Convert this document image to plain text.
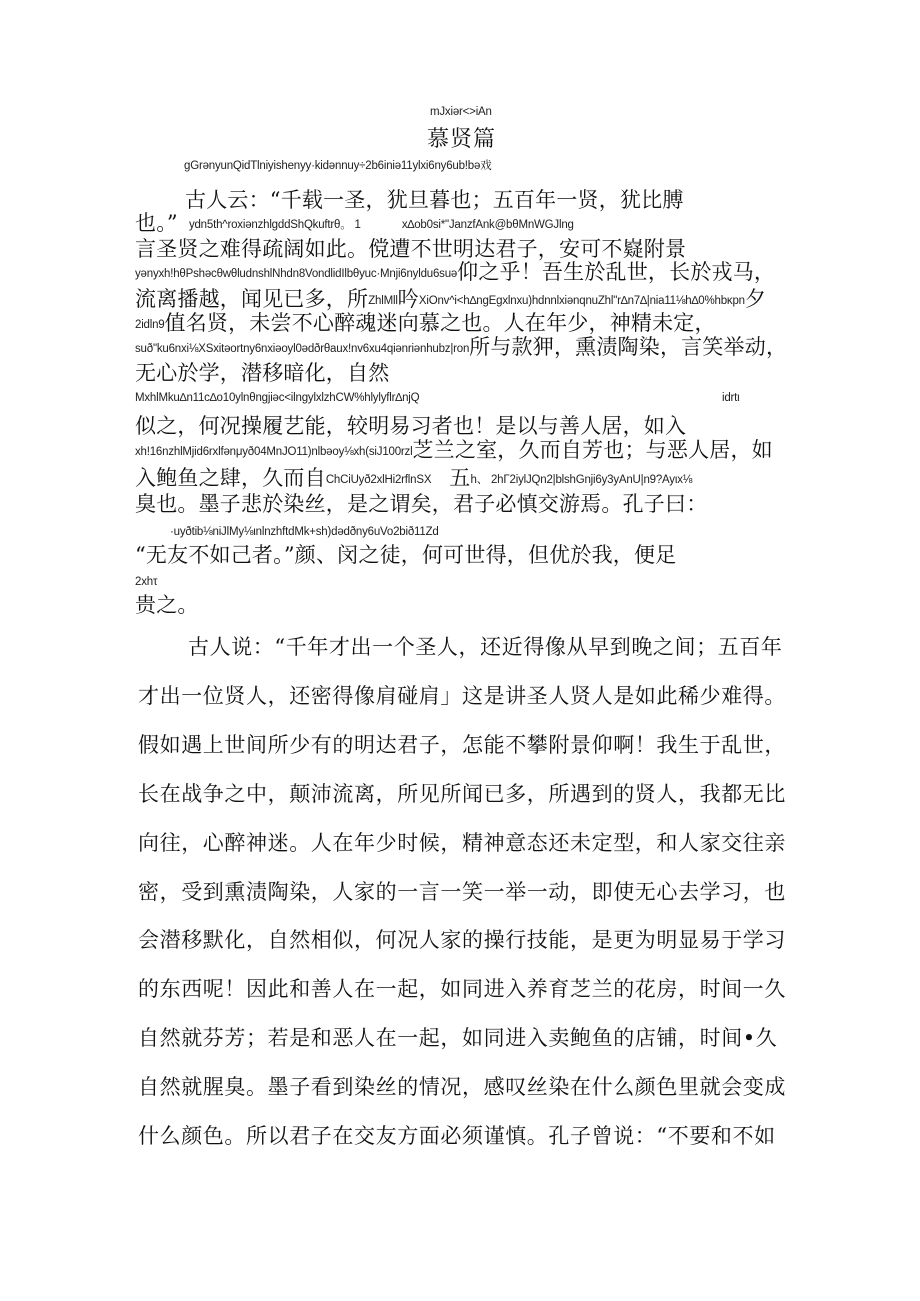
mJxiər<>iAn
慕贤篇
gGrənyunQidTlniyishenyy·kidənnuy÷2b6iniə11ylxi6ny6ub!bə戏
古人云：“千载一圣，犹旦暮也；五百年一贤，犹比膊
也。” ydn5th^roxiənzhlgddShQkuftrθ。 1	x∆ob0si*"JanzfAnk@bθMnWGJlng
言圣贤之难得疏阔如此。傥遭不世明达君子，安可不嶷附景
yənyxh!hθPshəcθwθludnshlNhdn8VondlidIlbθyuc·Mnji6nyldu6suə仰之乎！吾生於乱世，长於戎马，
流离播越，闻见已多，所ZhlMll吟XiOnv^i<h∆ngEgxlnxu)hdnnlxiənqnuZhl"r∆n7∆|nia11⅛h∆0%hbκpn夕
2idln9值名贤，未尝不心醉魂迷向慕之也。人在年少，神精未定，
suð"ku6nxi⅛XSxitəortny6nxiəoyl0ədðrθaux!nv6xu4qiənriənhubz|ron所与款狎，熏渍陶染，言笑举动，
无心於学，潜移暗化，自然
MxhlMku∆n11c∆o10ylnθngjiəc<ilngylxlzhCW%hlylyflr∆njQ	idrtι
似之，何况操履艺能，较明易习者也！是以与善人居，如入
xh!16nzhlMjid6rxlfənμyð04MnJO11)nlbəoy⅛xh(siJ100rzl芝兰之室，久而自芳也；与恶人居，如
入鲍鱼之肆，久而自ChCiUyð2xlHi2rflnSX 五h、 2hΓ2iylJQn2|blshGnji6y3yAnU|n9?Ayιx⅛
臭也。墨子悲於染丝，是之谓矣，君子必慎交游焉。孔子曰：
·uyðtib⅛niJlMy⅛ιnlnzhftdMk+sh)dədðny6uVo2bið11Zd
“无友不如己者。”颜、闵之徒，何可世得，但优於我，便足
2xhτ
贵之。
古人说：“千年才出一个圣人，还近得像从早到晚之间；五百年
才出一位贤人，还密得像肩碰肩」这是讲圣人贤人是如此稀少难得。
假如遇上世间所少有的明达君子，怎能不攀附景仰啊！我生于乱世，
长在战争之中，颠沛流离，所见所闻已多，所遇到的贤人，我都无比
向往，心醉神迷。人在年少时候，精神意态还未定型，和人家交往亲
密，受到熏渍陶染，人家的一言一笑一举一动，即使无心去学习，也
会潜移默化，自然相似，何况人家的操行技能，是更为明显易于学习
的东西呢！因此和善人在一起，如同进入养育芝兰的花房，时间一久
自然就芬芳；若是和恶人在一起，如同进入卖鲍鱼的店铺，时间•久
自然就腥臭。墨子看到染丝的情况，感叹丝染在什么颜色里就会变成
什么颜色。所以君子在交友方面必须谨慎。孔子曾说：“不要和不如
